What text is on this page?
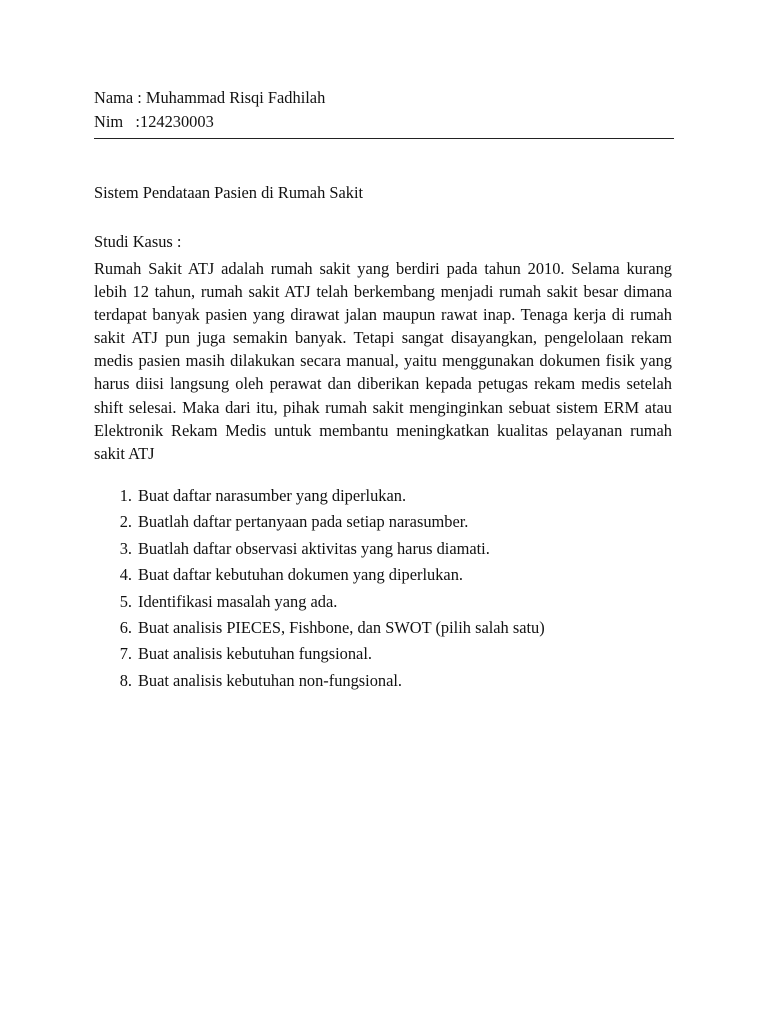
Nama : Muhammad Risqi Fadhilah
Nim   :124230003
Sistem Pendataan Pasien di Rumah Sakit
Studi Kasus :

Rumah Sakit ATJ adalah rumah sakit yang berdiri pada tahun 2010. Selama kurang lebih 12 tahun, rumah sakit ATJ telah berkembang menjadi rumah sakit besar dimana terdapat banyak pasien yang dirawat jalan maupun rawat inap. Tenaga kerja di rumah sakit ATJ pun juga semakin banyak. Tetapi sangat disayangkan, pengelolaan rekam medis pasien masih dilakukan secara manual, yaitu menggunakan dokumen fisik yang harus diisi langsung oleh perawat dan diberikan kepada petugas rekam medis setelah shift selesai. Maka dari itu, pihak rumah sakit menginginkan sebuat sistem ERM atau Elektronik Rekam Medis untuk membantu meningkatkan kualitas pelayanan rumah sakit ATJ

1. Buat daftar narasumber yang diperlukan.
2. Buatlah daftar pertanyaan pada setiap narasumber.
3. Buatlah daftar observasi aktivitas yang harus diamati.
4. Buat daftar kebutuhan dokumen yang diperlukan.
5. Identifikasi masalah yang ada.
6. Buat analisis PIECES, Fishbone, dan SWOT (pilih salah satu)
7. Buat analisis kebutuhan fungsional.
8. Buat analisis kebutuhan non-fungsional.
